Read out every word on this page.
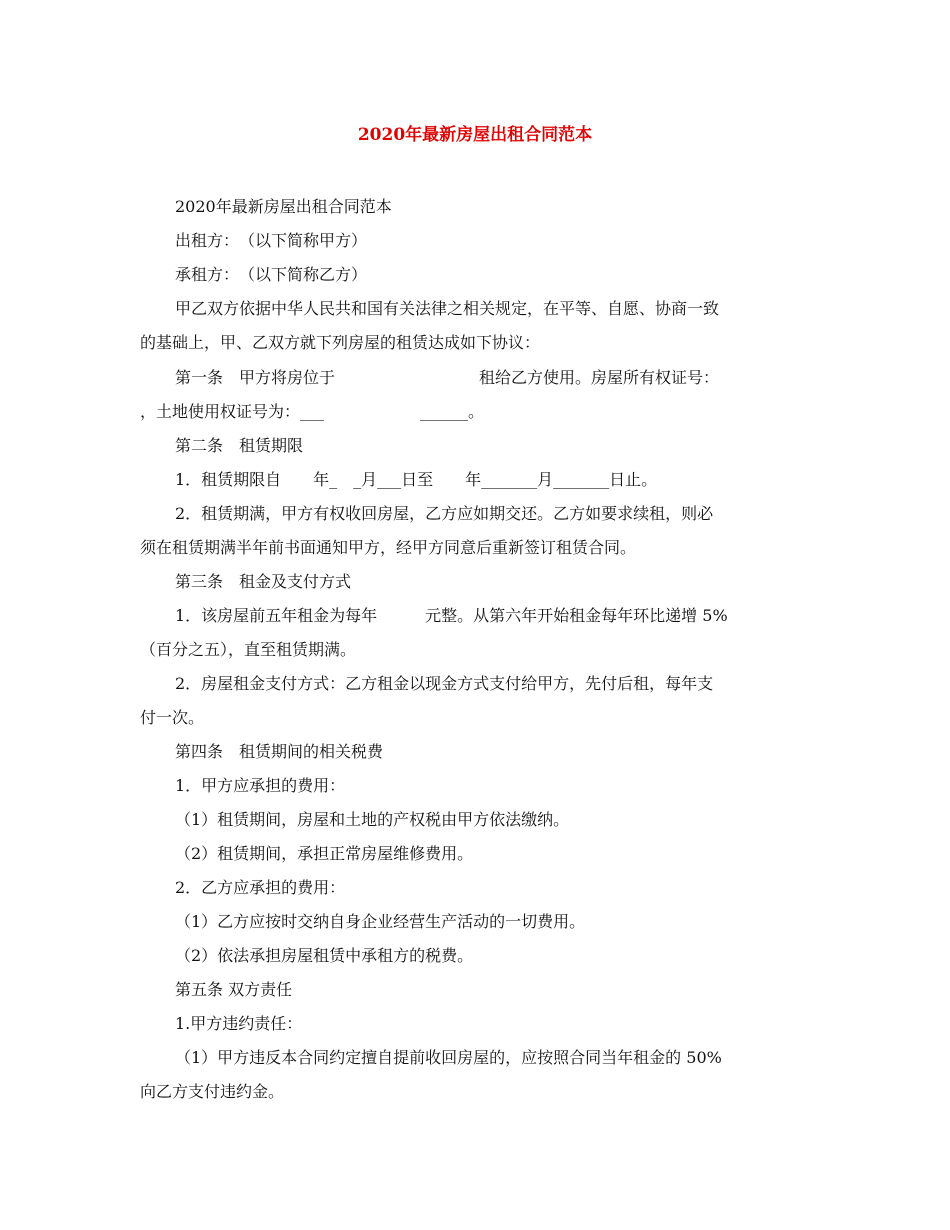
2020年最新房屋出租合同范本
2020年最新房屋出租合同范本
出租方：　（以下简称甲方）
承租方：　（以下简称乙方）
甲乙双方依据中华人民共和国有关法律之相关规定，在平等、自愿、协商一致
的基础上，甲、乙双方就下列房屋的租赁达成如下协议：
第一条　甲方将房位于　　　　　　　　　租给乙方使用。房屋所有权证号：
，土地使用权证号为：___　　　　　　______。
第二条　租赁期限
1．租赁期限自　　年_　_月___日至　　年_______月_______日止。
2．租赁期满，甲方有权收回房屋，乙方应如期交还。乙方如要求续租，则必
须在租赁期满半年前书面通知甲方，经甲方同意后重新签订租赁合同。
第三条　租金及支付方式
1．该房屋前五年租金为每年　　　元整。从第六年开始租金每年环比递增 5%
（百分之五），直至租赁期满。
2．房屋租金支付方式：乙方租金以现金方式支付给甲方，先付后租，每年支
付一次。
第四条　租赁期间的相关税费
1．甲方应承担的费用：
（1）租赁期间，房屋和土地的产权税由甲方依法缴纳。
（2）租赁期间，承担正常房屋维修费用。
2．乙方应承担的费用：
（1）乙方应按时交纳自身企业经营生产活动的一切费用。
（2）依法承担房屋租赁中承租方的税费。
第五条 双方责任
1.甲方违约责任：
（1）甲方违反本合同约定擅自提前收回房屋的，应按照合同当年租金的 50%
向乙方支付违约金。
